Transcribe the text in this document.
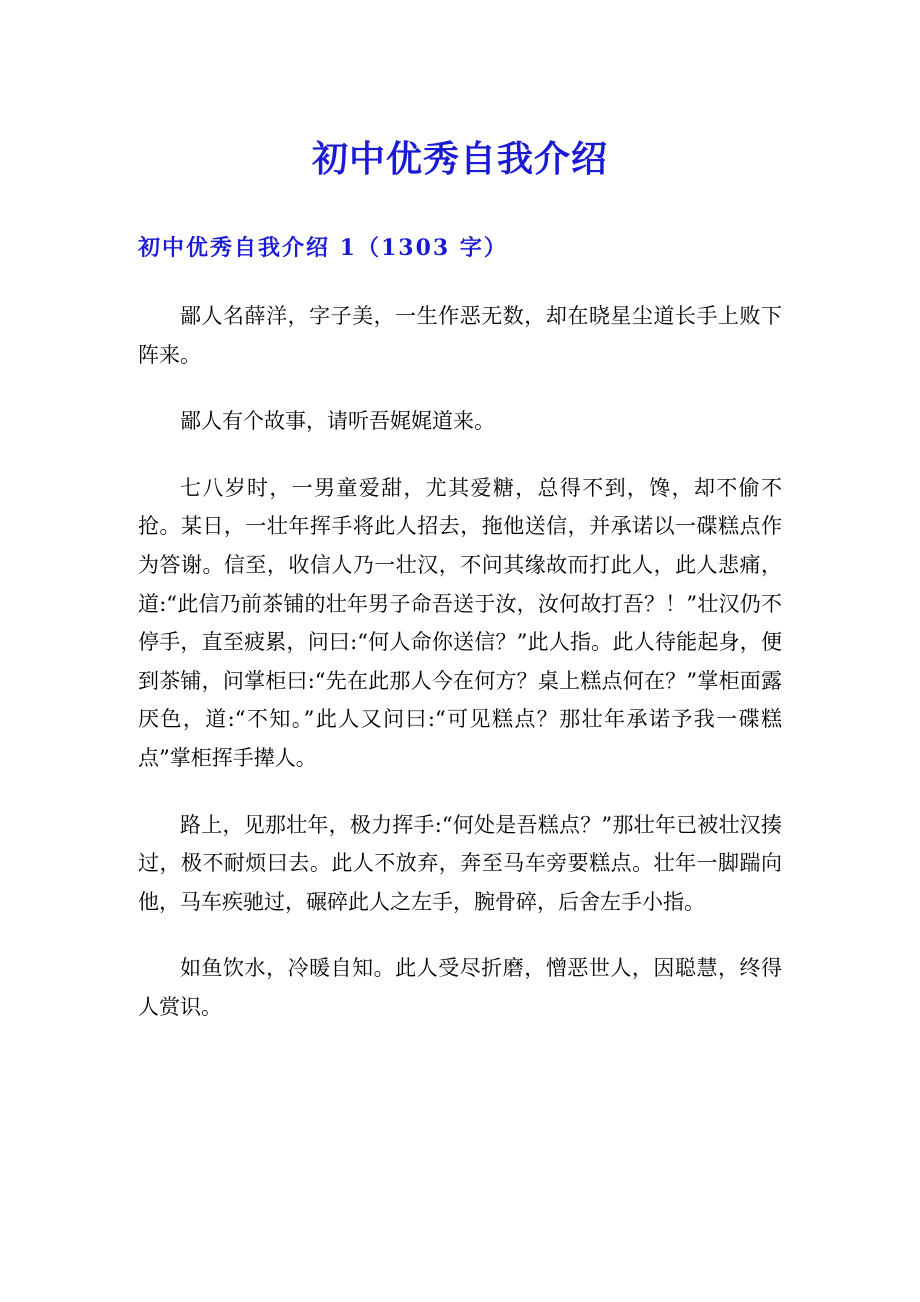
初中优秀自我介绍
初中优秀自我介绍 1（1303 字）

鄙人名薛洋，字子美，一生作恶无数，却在晓星尘道长手上败下阵来。

鄙人有个故事，请听吾娓娓道来。

七八岁时，一男童爱甜，尤其爱糖，总得不到，馋，却不偷不抢。某日，一壮年挥手将此人招去，拖他送信，并承诺以一碟糕点作为答谢。信至，收信人乃一壮汉，不问其缘故而打此人，此人悲痛，道:“此信乃前茶铺的壮年男子命吾送于汝，汝何故打吾？！”壮汉仍不停手，直至疲累，问曰:“何人命你送信？”此人指。此人待能起身，便到茶铺，问掌柜曰:“先在此那人今在何方？桌上糕点何在？”掌柜面露厌色，道:“不知。”此人又问曰:“可见糕点？那壮年承诺予我一碟糕点”掌柜挥手撵人。

路上，见那壮年，极力挥手:“何处是吾糕点？”那壮年已被壮汉揍过，极不耐烦曰去。此人不放弃，奔至马车旁要糕点。壮年一脚踹向他，马车疾驰过，碾碎此人之左手，腕骨碎，后舍左手小指。

如鱼饮水，冷暖自知。此人受尽折磨，憎恶世人，因聪慧，终得人赏识。
